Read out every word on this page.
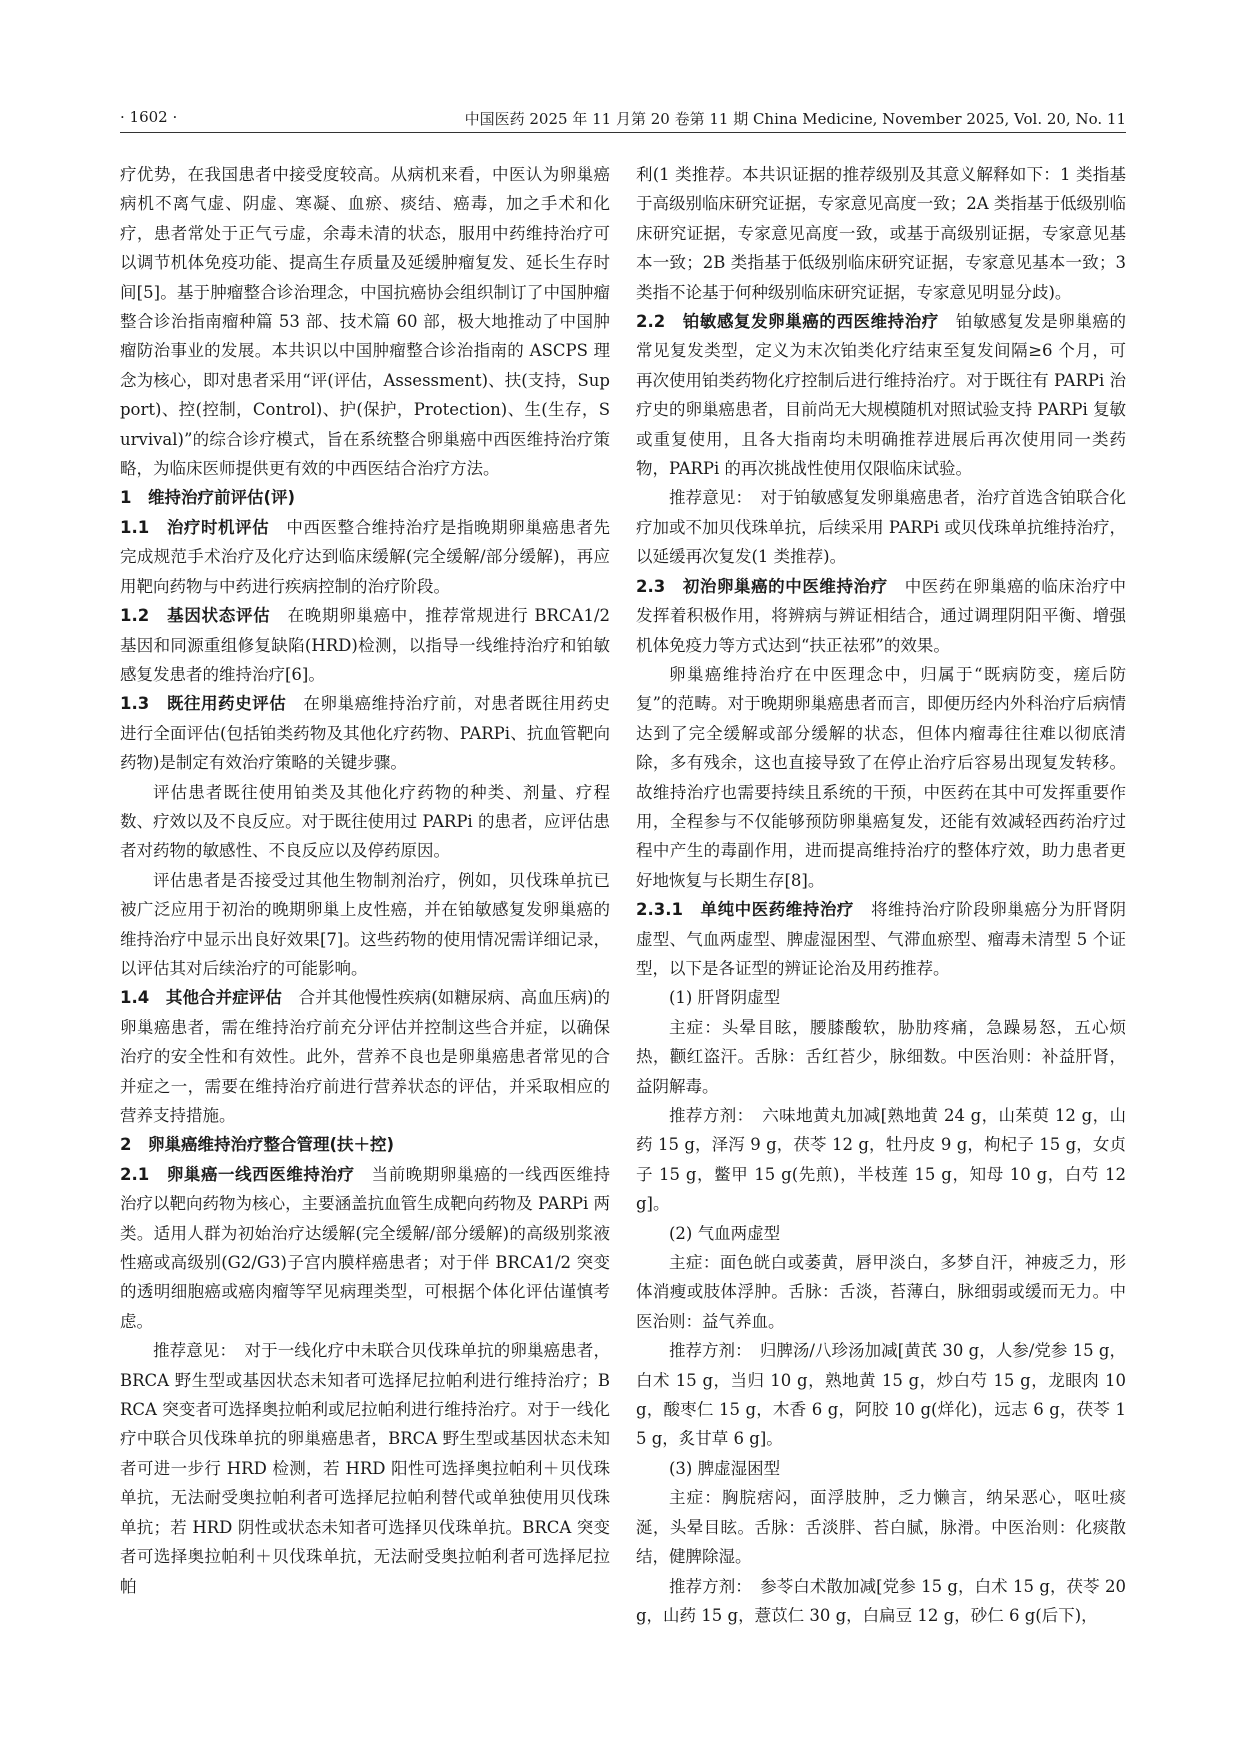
· 1602 ·	中国医药 2025 年 11 月第 20 卷第 11 期 China Medicine, November 2025, Vol. 20, No. 11

疗优势，在我国患者中接受度较高。从病机来看，中医认为卵巢癌病机不离气虚、阴虚、寒凝、血瘀、痰结、癌毒，加之手术和化疗，患者常处于正气亏虚，余毒未清的状态，服用中药维持治疗可以调节机体免疫功能、提高生存质量及延缓肿瘤复发、延长生存时间[5]。基于肿瘤整合诊治理念，中国抗癌协会组织制订了中国肿瘤整合诊治指南瘤种篇 53 部、技术篇 60 部，极大地推动了中国肿瘤防治事业的发展。本共识以中国肿瘤整合诊治指南的 ASCPS 理念为核心，即对患者采用“评(评估，Assessment)、扶(支持，Support)、控(控制，Control)、护(保护，Protection)、生(生存，Survival)”的综合诊疗模式，旨在系统整合卵巢癌中西医维持治疗策略，为临床医师提供更有效的中西医结合治疗方法。

1　维持治疗前评估(评)

1.1　治疗时机评估　中西医整合维持治疗是指晚期卵巢癌患者先完成规范手术治疗及化疗达到临床缓解(完全缓解/部分缓解)，再应用靶向药物与中药进行疾病控制的治疗阶段。

1.2　基因状态评估　在晚期卵巢癌中，推荐常规进行 BRCA1/2 基因和同源重组修复缺陷(HRD)检测，以指导一线维持治疗和铂敏感复发患者的维持治疗[6]。

1.3　既往用药史评估　在卵巢癌维持治疗前，对患者既往用药史进行全面评估(包括铂类药物及其他化疗药物、PARPi、抗血管靶向药物)是制定有效治疗策略的关键步骤。

评估患者既往使用铂类及其他化疗药物的种类、剂量、疗程数、疗效以及不良反应。对于既往使用过 PARPi 的患者，应评估患者对药物的敏感性、不良反应以及停药原因。

评估患者是否接受过其他生物制剂治疗，例如，贝伐珠单抗已被广泛应用于初治的晚期卵巢上皮性癌，并在铂敏感复发卵巢癌的维持治疗中显示出良好效果[7]。这些药物的使用情况需详细记录，以评估其对后续治疗的可能影响。

1.4　其他合并症评估　合并其他慢性疾病(如糖尿病、高血压病)的卵巢癌患者，需在维持治疗前充分评估并控制这些合并症，以确保治疗的安全性和有效性。此外，营养不良也是卵巢癌患者常见的合并症之一，需要在维持治疗前进行营养状态的评估，并采取相应的营养支持措施。

2　卵巢癌维持治疗整合管理(扶＋控)

2.1　卵巢癌一线西医维持治疗　当前晚期卵巢癌的一线西医维持治疗以靶向药物为核心，主要涵盖抗血管生成靶向药物及 PARPi 两类。适用人群为初始治疗达缓解(完全缓解/部分缓解)的高级别浆液性癌或高级别(G2/G3)子宫内膜样癌患者；对于伴 BRCA1/2 突变的透明细胞癌或癌肉瘤等罕见病理类型，可根据个体化评估谨慎考虑。

推荐意见：　对于一线化疗中未联合贝伐珠单抗的卵巢癌患者，BRCA 野生型或基因状态未知者可选择尼拉帕利进行维持治疗；BRCA 突变者可选择奥拉帕利或尼拉帕利进行维持治疗。对于一线化疗中联合贝伐珠单抗的卵巢癌患者，BRCA 野生型或基因状态未知者可进一步行 HRD 检测，若 HRD 阳性可选择奥拉帕利＋贝伐珠单抗，无法耐受奥拉帕利者可选择尼拉帕利替代或单独使用贝伐珠单抗；若 HRD 阴性或状态未知者可选择贝伐珠单抗。BRCA 突变者可选择奥拉帕利＋贝伐珠单抗，无法耐受奥拉帕利者可选择尼拉帕

利(1 类推荐。本共识证据的推荐级别及其意义解释如下：1 类指基于高级别临床研究证据，专家意见高度一致；2A 类指基于低级别临床研究证据，专家意见高度一致，或基于高级别证据，专家意见基本一致；2B 类指基于低级别临床研究证据，专家意见基本一致；3 类指不论基于何种级别临床研究证据，专家意见明显分歧)。

2.2　铂敏感复发卵巢癌的西医维持治疗　铂敏感复发是卵巢癌的常见复发类型，定义为末次铂类化疗结束至复发间隔≥6 个月，可再次使用铂类药物化疗控制后进行维持治疗。对于既往有 PARPi 治疗史的卵巢癌患者，目前尚无大规模随机对照试验支持 PARPi 复敏或重复使用，且各大指南均未明确推荐进展后再次使用同一类药物，PARPi 的再次挑战性使用仅限临床试验。

推荐意见：　对于铂敏感复发卵巢癌患者，治疗首选含铂联合化疗加或不加贝伐珠单抗，后续采用 PARPi 或贝伐珠单抗维持治疗，以延缓再次复发(1 类推荐)。

2.3　初治卵巢癌的中医维持治疗　中医药在卵巢癌的临床治疗中发挥着积极作用，将辨病与辨证相结合，通过调理阴阳平衡、增强机体免疫力等方式达到“扶正祛邪”的效果。

卵巢癌维持治疗在中医理念中，归属于“既病防变，瘥后防复”的范畴。对于晚期卵巢癌患者而言，即便历经内外科治疗后病情达到了完全缓解或部分缓解的状态，但体内瘤毒往往难以彻底清除，多有残余，这也直接导致了在停止治疗后容易出现复发转移。故维持治疗也需要持续且系统的干预，中医药在其中可发挥重要作用，全程参与不仅能够预防卵巢癌复发，还能有效减轻西药治疗过程中产生的毒副作用，进而提高维持治疗的整体疗效，助力患者更好地恢复与长期生存[8]。

2.3.1　单纯中医药维持治疗　将维持治疗阶段卵巢癌分为肝肾阴虚型、气血两虚型、脾虚湿困型、气滞血瘀型、瘤毒未清型 5 个证型，以下是各证型的辨证论治及用药推荐。

(1) 肝肾阴虚型

主症：头晕目眩，腰膝酸软，胁肋疼痛，急躁易怒，五心烦热，颧红盗汗。舌脉：舌红苔少，脉细数。中医治则：补益肝肾，益阴解毒。

推荐方剂：　六味地黄丸加减[熟地黄 24 g，山茱萸 12 g，山药 15 g，泽泻 9 g，茯苓 12 g，牡丹皮 9 g，枸杞子 15 g，女贞子 15 g，鳖甲 15 g(先煎)，半枝莲 15 g，知母 10 g，白芍 12 g]。

(2) 气血两虚型

主症：面色㿠白或萎黄，唇甲淡白，多梦自汗，神疲乏力，形体消瘦或肢体浮肿。舌脉：舌淡，苔薄白，脉细弱或缓而无力。中医治则：益气养血。

推荐方剂：　归脾汤/八珍汤加减[黄芪 30 g，人参/党参 15 g，白术 15 g，当归 10 g，熟地黄 15 g，炒白芍 15 g，龙眼肉 10 g，酸枣仁 15 g，木香 6 g，阿胶 10 g(烊化)，远志 6 g，茯苓 15 g，炙甘草 6 g]。

(3) 脾虚湿困型

主症：胸脘痞闷，面浮肢肿，乏力懒言，纳呆恶心，呕吐痰涎，头晕目眩。舌脉：舌淡胖、苔白腻，脉滑。中医治则：化痰散结，健脾除湿。

推荐方剂：　参苓白术散加减[党参 15 g，白术 15 g，茯苓 20 g，山药 15 g，薏苡仁 30 g，白扁豆 12 g，砂仁 6 g(后下)，
